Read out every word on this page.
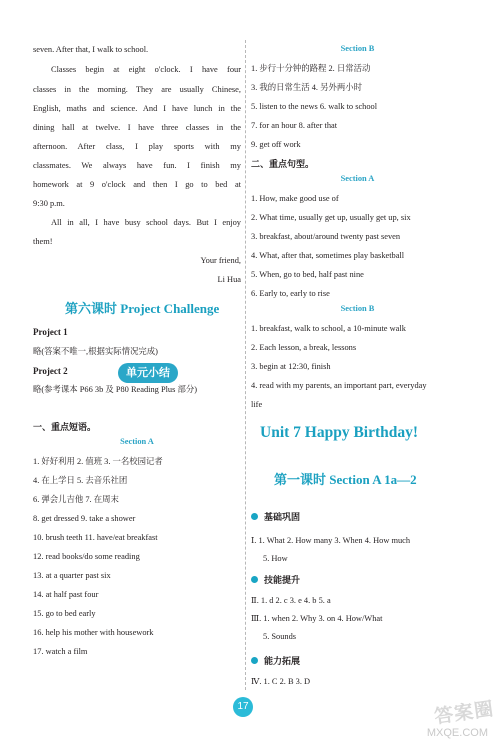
seven. After that, I walk to school.
Classes begin at eight o'clock. I have four
classes in the morning. They are usually Chinese,
English, maths and science. And I have lunch in the
dining hall at twelve. I have three classes in the
afternoon. After class, I play sports with my
classmates. We always have fun. I finish my
homework at 9 o'clock and then I go to bed at
9:30 p.m.
All in all, I have busy school days. But I enjoy
them!
Your friend,
Li Hua
第六课时 Project Challenge
Project 1
略(答案不唯一,根据实际情况完成)
Project 2
略(参考课本 P66 3b 及 P80 Reading Plus 部分)
单元小结
一、重点短语。
Section A
1. 好好利用 2. 值班 3. 一名校园记者
4. 在上学日 5. 去音乐社团
6. 弹会儿吉他 7. 在周末
8. get dressed 9. take a shower
10. brush teeth 11. have/eat breakfast
12. read books/do some reading
13. at a quarter past six
14. at half past four
15. go to bed early
16. help his mother with housework
17. watch a film
Section B
1. 步行十分钟的路程 2. 日常活动
3. 我的日常生活 4. 另外两小时
5. listen to the news 6. walk to school
7. for an hour 8. after that
9. get off work
二、重点句型。
Section A
1. How, make good use of
2. What time, usually get up, usually get up, six
3. breakfast, about/around twenty past seven
4. What, after that, sometimes play basketball
5. When, go to bed, half past nine
6. Early to, early to rise
Section B
1. breakfast, walk to school, a 10-minute walk
2. Each lesson, a break, lessons
3. begin at 12:30, finish
4. read with my parents, an important part, everyday
life
Unit 7 Happy Birthday!
第一课时 Section A 1a—2
基础巩固
Ⅰ. 1. What 2. How many 3. When 4. How much
5. How
技能提升
Ⅱ. 1. d 2. c 3. e 4. b 5. a
Ⅲ. 1. when 2. Why 3. on 4. How/What
5. Sounds
能力拓展
Ⅳ. 1. C 2. B 3. D
17	答案圈
MXQE.COM
